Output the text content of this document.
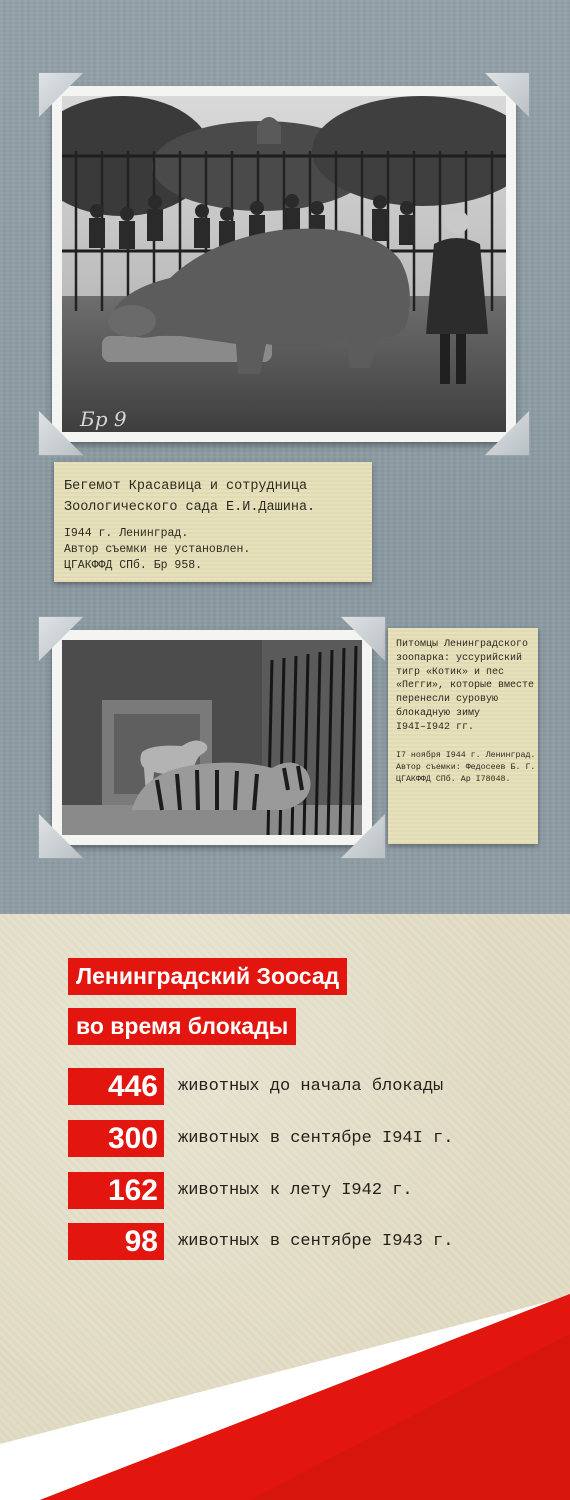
Бр 9
Бегемот Красавица и сотрудница
Зоологического сада Е.И.Дашина.
I944 г. Ленинград.
Автор съемки не установлен.
ЦГАКФФД СПб. Бр 958.
Питомцы Ленинградского
зоопарка: уссурийский
тигр «Котик» и пес
«Пегги», которые вместе
перенесли суровую
блокадную зиму
I94I–I942 гг.
I7 ноября I944 г. Ленинград.
Автор съемки: Федосеев Б. Г.
ЦГАКФФД СПб. Ар I78048.
Ленинградский Зоосад
во время блокады
446	животных до начала блокады
300	животных в сентябре I94I г.
162	животных к лету I942 г.
98	животных в сентябре I943 г.
